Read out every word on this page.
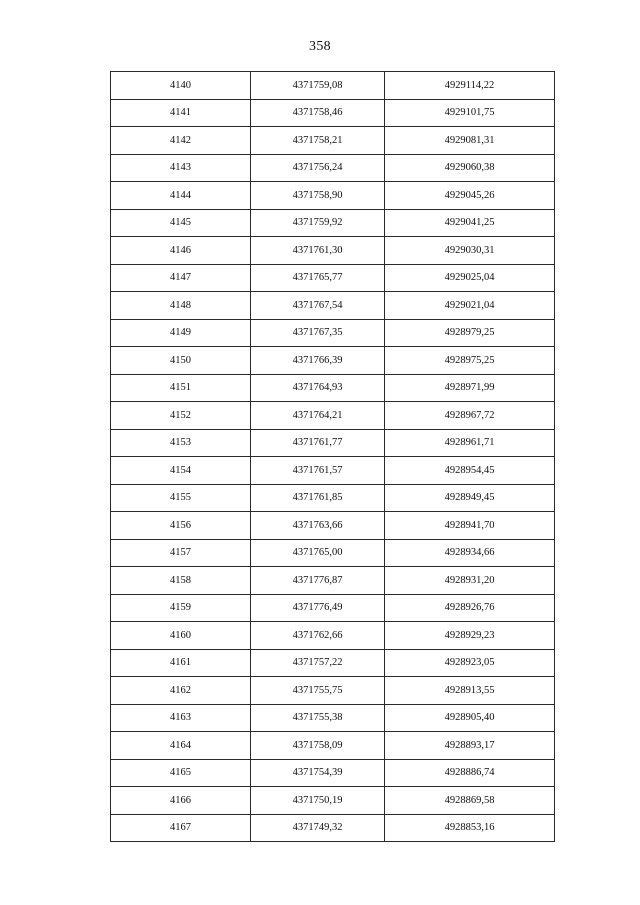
358
4140	4371759,08	4929114,22
4141	4371758,46	4929101,75
4142	4371758,21	4929081,31
4143	4371756,24	4929060,38
4144	4371758,90	4929045,26
4145	4371759,92	4929041,25
4146	4371761,30	4929030,31
4147	4371765,77	4929025,04
4148	4371767,54	4929021,04
4149	4371767,35	4928979,25
4150	4371766,39	4928975,25
4151	4371764,93	4928971,99
4152	4371764,21	4928967,72
4153	4371761,77	4928961,71
4154	4371761,57	4928954,45
4155	4371761,85	4928949,45
4156	4371763,66	4928941,70
4157	4371765,00	4928934,66
4158	4371776,87	4928931,20
4159	4371776,49	4928926,76
4160	4371762,66	4928929,23
4161	4371757,22	4928923,05
4162	4371755,75	4928913,55
4163	4371755,38	4928905,40
4164	4371758,09	4928893,17
4165	4371754,39	4928886,74
4166	4371750,19	4928869,58
4167	4371749,32	4928853,16
